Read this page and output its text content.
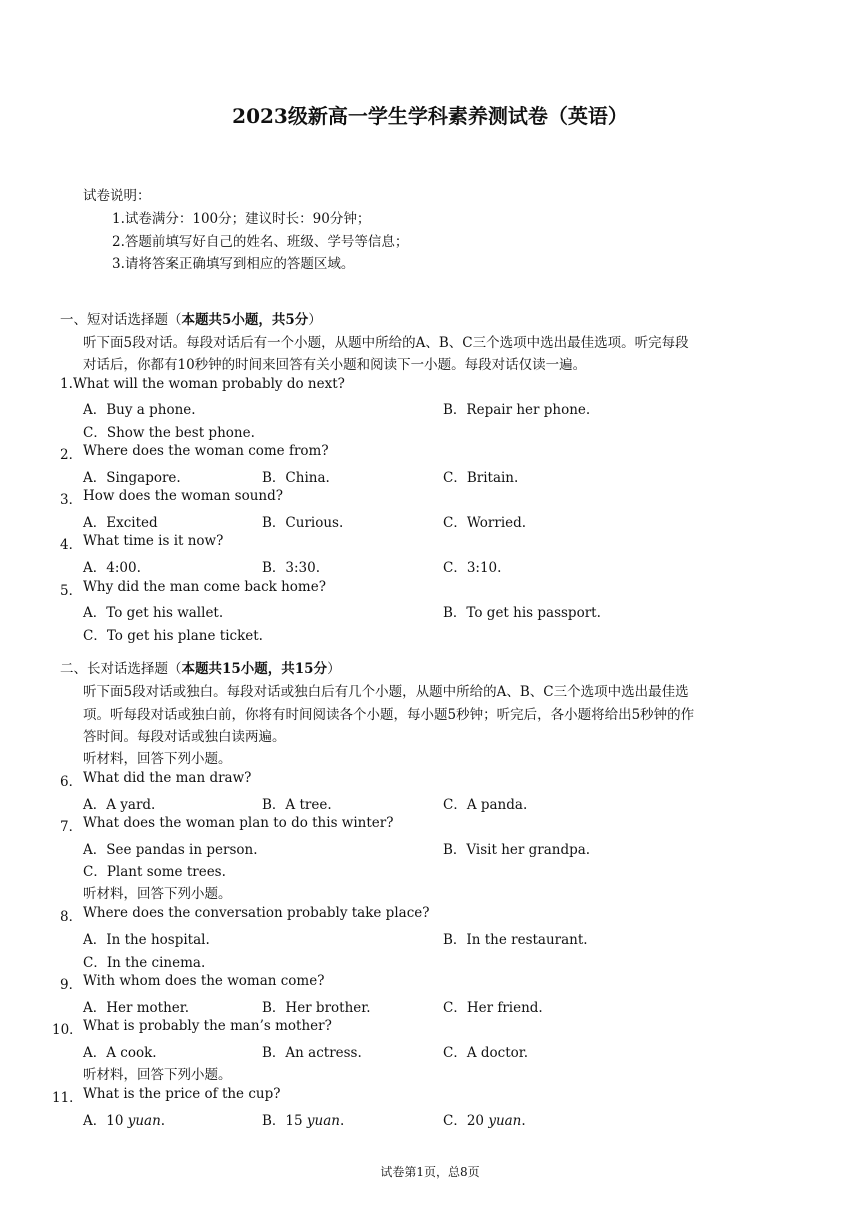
2023级新高一学生学科素养测试卷（英语）
试卷说明：
1.试卷满分：100分；建议时长：90分钟；
2.答题前填写好自己的姓名、班级、学号等信息；
3.请将答案正确填写到相应的答题区域。
一、短对话选择题（本题共5小题，共5分）
听下面5段对话。每段对话后有一个小题，从题中所给的A、B、C三个选项中选出最佳选项。听完每段
对话后，你都有10秒钟的时间来回答有关小题和阅读下一小题。每段对话仅读一遍。
1. What will the woman probably do next?
A．Buy a phone.	B．Repair her phone.
C．Show the best phone.
2． Where does the woman come from?
A．Singapore.	B．China.	C．Britain.
3． How does the woman sound?
A．Excited	B．Curious.	C．Worried.
4． What time is it now?
A．4:00.	B．3:30.	C．3:10.
5． Why did the man come back home?
A．To get his wallet.	B．To get his passport.
C．To get his plane ticket.
二、长对话选择题（本题共15小题，共15分）
听下面5段对话或独白。每段对话或独白后有几个小题，从题中所给的A、B、C三个选项中选出最佳选
项。听每段对话或独白前，你将有时间阅读各个小题，每小题5秒钟；听完后，各小题将给出5秒钟的作
答时间。每段对话或独白读两遍。
听材料，回答下列小题。
6． What did the man draw?
A．A yard.	B．A tree.	C．A panda.
7． What does the woman plan to do this winter?
A．See pandas in person.	B．Visit her grandpa.
C．Plant some trees.
听材料，回答下列小题。
8． Where does the conversation probably take place?
A．In the hospital.	B．In the restaurant.
C．In the cinema.
9． With whom does the woman come?
A．Her mother.	B．Her brother.	C．Her friend.
10． What is probably the man’s mother?
A．A cook.	B．An actress.	C．A doctor.
听材料，回答下列小题。
11． What is the price of the cup?
A．10 yuan.	B．15 yuan.	C．20 yuan.
试卷第1页，总8页
